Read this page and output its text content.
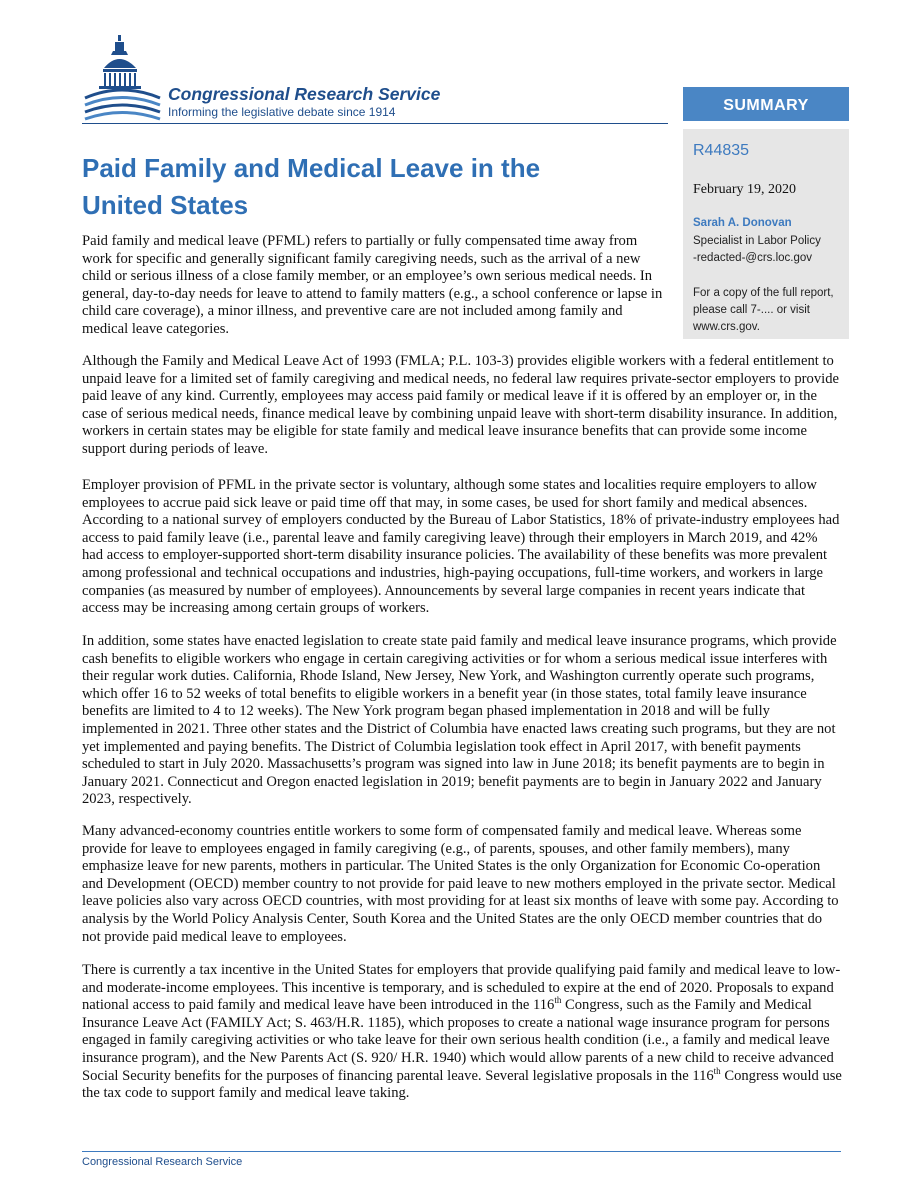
Congressional Research Service
Informing the legislative debate since 1914	SUMMARY
R44835
February 19, 2020
Sarah A. Donovan
Specialist in Labor Policy
-redacted-@crs.loc.gov
For a copy of the full report, please call 7-.... or visit www.crs.gov.
Paid Family and Medical Leave in the United States

Paid family and medical leave (PFML) refers to partially or fully compensated time away from work for specific and generally significant family caregiving needs, such as the arrival of a new child or serious illness of a close family member, or an employee’s own serious medical needs. In general, day-to-day needs for leave to attend to family matters (e.g., a school conference or lapse in child care coverage), a minor illness, and preventive care are not included among family and medical leave categories.

Although the Family and Medical Leave Act of 1993 (FMLA; P.L. 103-3) provides eligible workers with a federal entitlement to unpaid leave for a limited set of family caregiving and medical needs, no federal law requires private-sector employers to provide paid leave of any kind. Currently, employees may access paid family or medical leave if it is offered by an employer or, in the case of serious medical needs, finance medical leave by combining unpaid leave with short-term disability insurance. In addition, workers in certain states may be eligible for state family and medical leave insurance benefits that can provide some income support during periods of leave.

Employer provision of PFML in the private sector is voluntary, although some states and localities require employers to allow employees to accrue paid sick leave or paid time off that may, in some cases, be used for short family and medical absences. According to a national survey of employers conducted by the Bureau of Labor Statistics, 18% of private-industry employees had access to paid family leave (i.e., parental leave and family caregiving leave) through their employers in March 2019, and 42% had access to employer-supported short-term disability insurance policies. The availability of these benefits was more prevalent among professional and technical occupations and industries, high-paying occupations, full-time workers, and workers in large companies (as measured by number of employees). Announcements by several large companies in recent years indicate that access may be increasing among certain groups of workers.

In addition, some states have enacted legislation to create state paid family and medical leave insurance programs, which provide cash benefits to eligible workers who engage in certain caregiving activities or for whom a serious medical issue interferes with their regular work duties. California, Rhode Island, New Jersey, New York, and Washington currently operate such programs, which offer 16 to 52 weeks of total benefits to eligible workers in a benefit year (in those states, total family leave insurance benefits are limited to 4 to 12 weeks). The New York program began phased implementation in 2018 and will be fully implemented in 2021. Three other states and the District of Columbia have enacted laws creating such programs, but they are not yet implemented and paying benefits. The District of Columbia legislation took effect in April 2017, with benefit payments scheduled to start in July 2020. Massachusetts’s program was signed into law in June 2018; its benefit payments are to begin in January 2021. Connecticut and Oregon enacted legislation in 2019; benefit payments are to begin in January 2022 and January 2023, respectively.

Many advanced-economy countries entitle workers to some form of compensated family and medical leave. Whereas some provide for leave to employees engaged in family caregiving (e.g., of parents, spouses, and other family members), many emphasize leave for new parents, mothers in particular. The United States is the only Organization for Economic Co-operation and Development (OECD) member country to not provide for paid leave to new mothers employed in the private sector. Medical leave policies also vary across OECD countries, with most providing for at least six months of leave with some pay. According to analysis by the World Policy Analysis Center, South Korea and the United States are the only OECD member countries that do not provide paid medical leave to employees.

There is currently a tax incentive in the United States for employers that provide qualifying paid family and medical leave to low- and moderate-income employees. This incentive is temporary, and is scheduled to expire at the end of 2020. Proposals to expand national access to paid family and medical leave have been introduced in the 116th Congress, such as the Family and Medical Insurance Leave Act (FAMILY Act; S. 463/H.R. 1185), which proposes to create a national wage insurance program for persons engaged in family caregiving activities or who take leave for their own serious health condition (i.e., a family and medical leave insurance program), and the New Parents Act (S. 920/ H.R. 1940) which would allow parents of a new child to receive advanced Social Security benefits for the purposes of financing parental leave. Several legislative proposals in the 116th Congress would use the tax code to support family and medical leave taking.

Congressional Research Service
